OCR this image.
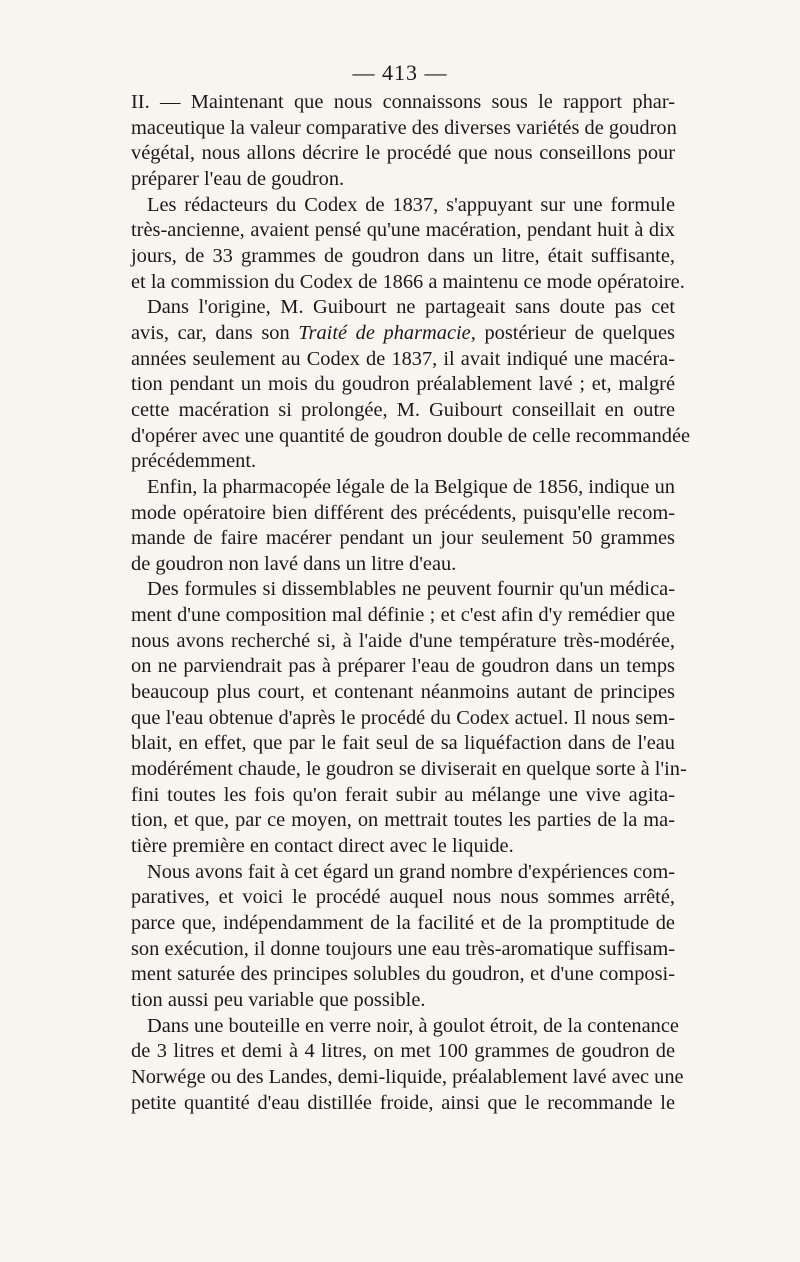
— 413 —

II. — Maintenant que nous connaissons sous le rapport phar-
maceutique la valeur comparative des diverses variétés de goudron
végétal, nous allons décrire le procédé que nous conseillons pour
préparer l'eau de goudron.

Les rédacteurs du Codex de 1837, s'appuyant sur une formule
très-ancienne, avaient pensé qu'une macération, pendant huit à dix
jours, de 33 grammes de goudron dans un litre, était suffisante,
et la commission du Codex de 1866 a maintenu ce mode opératoire.

Dans l'origine, M. Guibourt ne partageait sans doute pas cet
avis, car, dans son Traité de pharmacie, postérieur de quelques
années seulement au Codex de 1837, il avait indiqué une macéra-
tion pendant un mois du goudron préalablement lavé ; et, malgré
cette macération si prolongée, M. Guibourt conseillait en outre
d'opérer avec une quantité de goudron double de celle recommandée
précédemment.

Enfin, la pharmacopée légale de la Belgique de 1856, indique un
mode opératoire bien différent des précédents, puisqu'elle recom-
mande de faire macérer pendant un jour seulement 50 grammes
de goudron non lavé dans un litre d'eau.

Des formules si dissemblables ne peuvent fournir qu'un médica-
ment d'une composition mal définie ; et c'est afin d'y remédier que
nous avons recherché si, à l'aide d'une température très-modérée,
on ne parviendrait pas à préparer l'eau de goudron dans un temps
beaucoup plus court, et contenant néanmoins autant de principes
que l'eau obtenue d'après le procédé du Codex actuel. Il nous sem-
blait, en effet, que par le fait seul de sa liquéfaction dans de l'eau
modérément chaude, le goudron se diviserait en quelque sorte à l'in-
fini toutes les fois qu'on ferait subir au mélange une vive agita-
tion, et que, par ce moyen, on mettrait toutes les parties de la ma-
tière première en contact direct avec le liquide.

Nous avons fait à cet égard un grand nombre d'expériences com-
paratives, et voici le procédé auquel nous nous sommes arrêté,
parce que, indépendamment de la facilité et de la promptitude de
son exécution, il donne toujours une eau très-aromatique suffisam-
ment saturée des principes solubles du goudron, et d'une composi-
tion aussi peu variable que possible.

Dans une bouteille en verre noir, à goulot étroit, de la contenance
de 3 litres et demi à 4 litres, on met 100 grammes de goudron de
Norwége ou des Landes, demi-liquide, préalablement lavé avec une
petite quantité d'eau distillée froide, ainsi que le recommande le
